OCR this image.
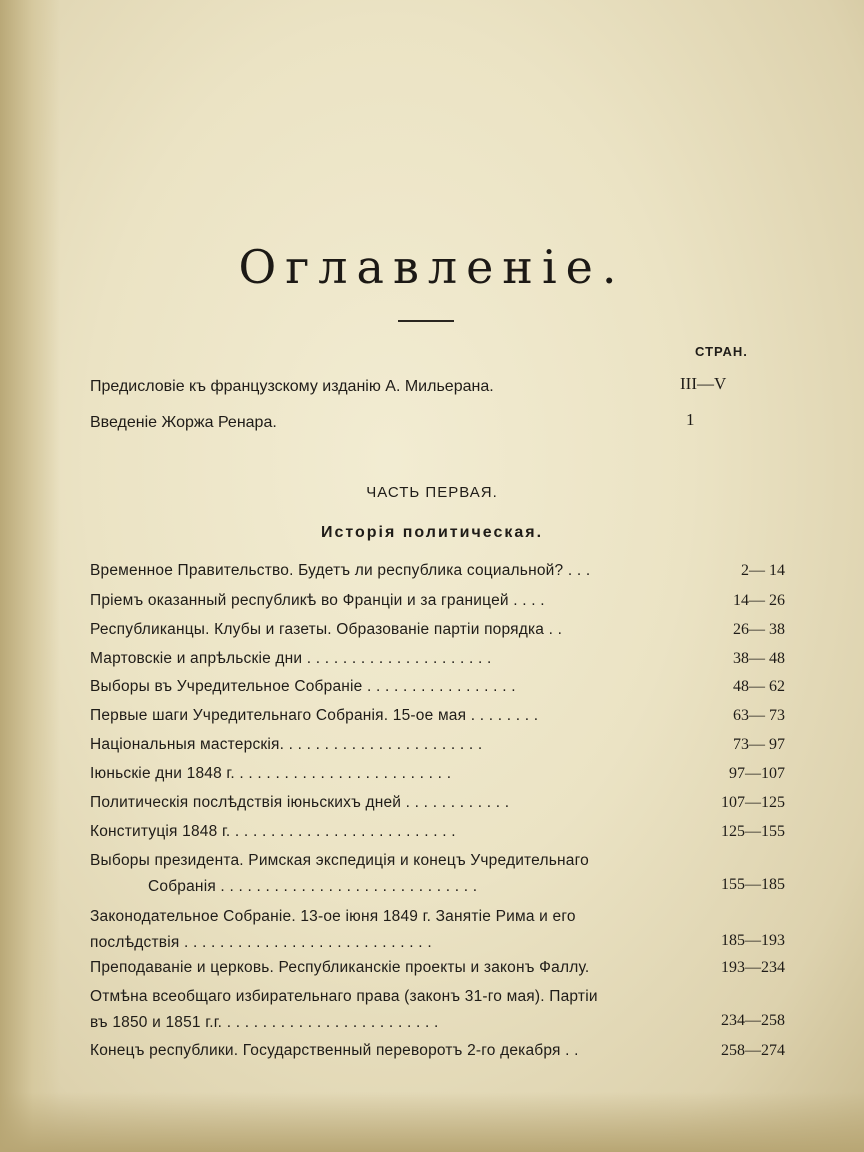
Оглавленіе.
СТРАН.
Предисловіе къ французскому изданію А. Мильерана.	III—V
Введеніе Жоржа Ренара.	1
ЧАСТЬ ПЕРВАЯ.
Исторія политическая.
Временное Правительство. Будетъ ли республика социальной? . . .	2— 14
Пріемъ оказанный республикѣ во Франціи и за границей . . . .	14— 26
Республиканцы. Клубы и газеты. Образованіе партіи порядка . .	26— 38
Мартовскіе и апрѣльскіе дни . . . . . . . . . . . . . . . . . . . . .	38— 48
Выборы въ Учредительное Собраніе . . . . . . . . . . . . . . . . .	48— 62
Первые шаги Учредительнаго Собранія. 15-ое мая . . . . . . . .	63— 73
Національныя мастерскія. . . . . . . . . . . . . . . . . . . . . . .	73— 97
Іюньскіе дни 1848 г. . . . . . . . . . . . . . . . . . . . . . . . .	97—107
Политическія послѣдствія іюньскихъ дней . . . . . . . . . . . .	107—125
Конституція 1848 г. . . . . . . . . . . . . . . . . . . . . . . . . .	125—155
Выборы президента. Римская экспедиція и конецъ Учредительнаго
Собранія . . . . . . . . . . . . . . . . . . . . . . . . . . . . .	155—185
Законодательное Собраніе. 13-ое іюня 1849 г. Занятіе Рима и его
послѣдствія . . . . . . . . . . . . . . . . . . . . . . . . . . . .	185—193
Преподаваніе и церковь. Республиканскіе проекты и законъ Фаллу.	193—234
Отмѣна всеобщаго избирательнаго права (законъ 31-го мая). Партіи
въ 1850 и 1851 г.г. . . . . . . . . . . . . . . . . . . . . . . . .	234—258
Конецъ республики. Государственный переворотъ 2-го декабря . .	258—274
